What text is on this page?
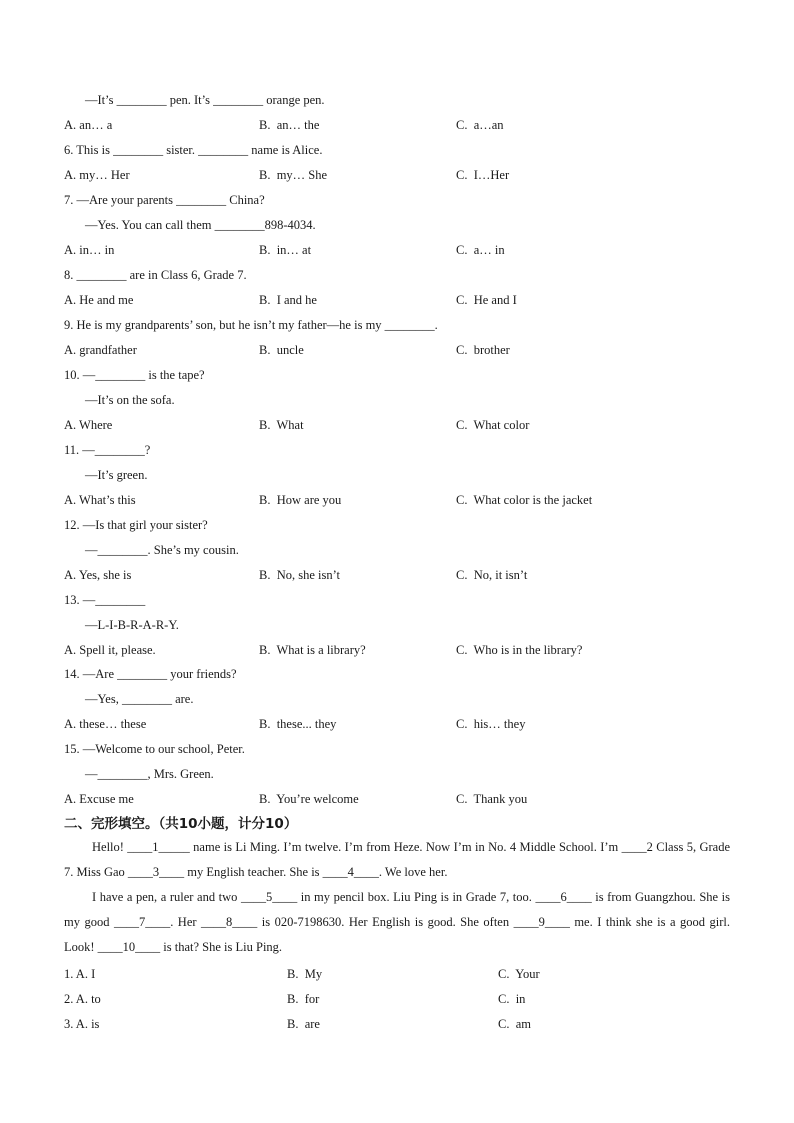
—It’s ________ pen. It’s ________ orange pen.
6. This is ________ sister. ________ name is Alice.
7. —Are your parents ________ China?
—Yes. You can call them ________898-4034.
8. ________ are in Class 6, Grade 7.
9. He is my grandparents’ son, but he isn’t my father—he is my ________.
10. —________ is the tape?
—It’s on the sofa.
11. —________?
—It’s green.
12. —Is that girl your sister?
—________. She’s my cousin.
13. —________
—L-I-B-R-A-R-Y.
14. —Are ________ your friends?
—Yes, ________ are.
15. —Welcome to our school, Peter.
—________, Mrs. Green.
A. an… a	B.  an… the	C.  a…an
A. my… Her	B.  my… She	C.  I…Her
A. in… in	B.  in… at	C.  a… in
A. He and me	B.  I and he	C.  He and I
A. grandfather	B.  uncle	C.  brother
A. Where	B.  What	C.  What color
A. What’s this	B.  How are you	C.  What color is the jacket
A. Yes, she is	B.  No, she isn’t	C.  No, it isn’t
A. Spell it, please.	B.  What is a library?	C.  Who is in the library?
A. these… these	B.  these... they	C.  his… they
A. Excuse me	B.  You’re welcome	C.  Thank you
二、完形填空。（共10小题，计分10）

Hello! ____1_____ name is Li Ming. I’m twelve. I’m from Heze. Now I’m in No. 4 Middle School. I’m ____2 Class 5, Grade 7. Miss Gao ____3____ my English teacher. She is ____4____. We love her.

I have a pen, a ruler and two ____5____ in my pencil box. Liu Ping is in Grade 7, too. ____6____ is from Guangzhou. She is my good ____7____. Her ____8____ is 020-7198630. Her English is good. She often ____9____ me. I think she is a good girl. Look! ____10____ is that? She is Liu Ping.

1. A. I	B.  My	C.  Your
2. A. to	B.  for	C.  in
3. A. is	B.  are	C.  am
